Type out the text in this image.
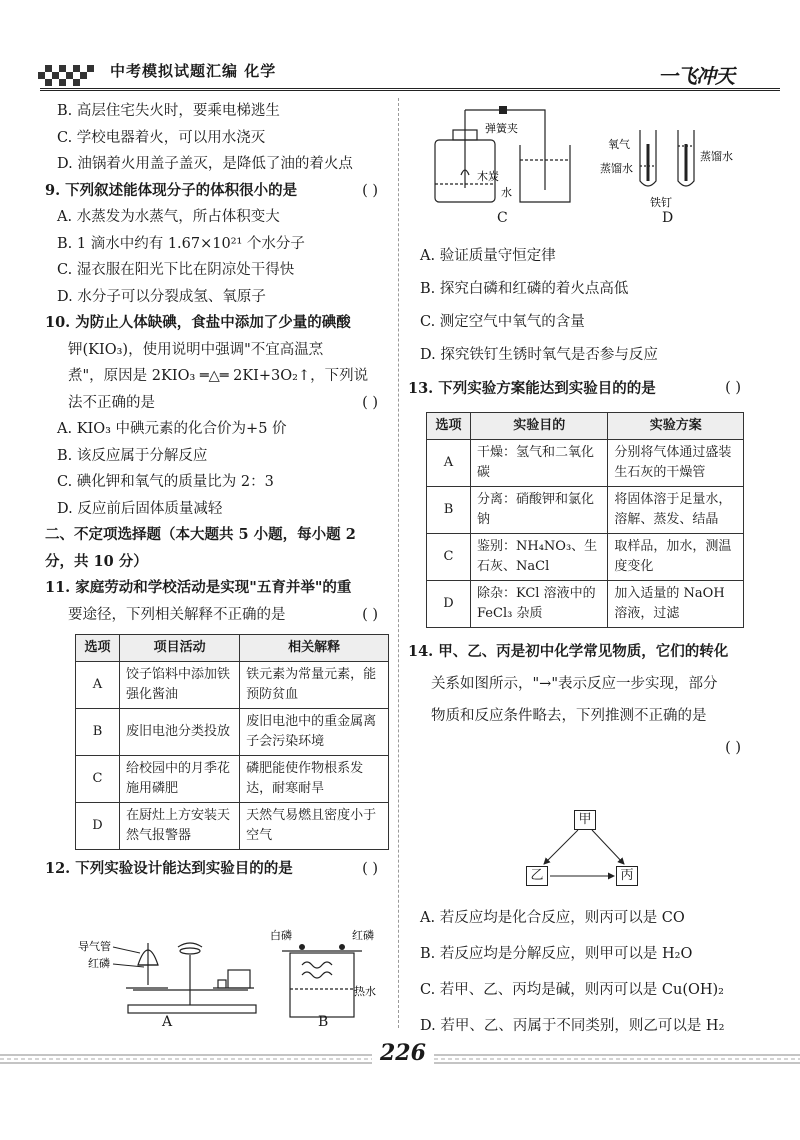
中考模拟试题汇编 化学	一飞冲天
B. 高层住宅失火时，要乘电梯逃生
C. 学校电器着火，可以用水浇灭
D. 油锅着火用盖子盖灭，是降低了油的着火点
9. 下列叙述能体现分子的体积很小的是	( )
A. 水蒸发为水蒸气，所占体积变大
B. 1 滴水中约有 1.67×10²¹ 个水分子
C. 湿衣服在阳光下比在阴凉处干得快
D. 水分子可以分裂成氢、氧原子
10. 为防止人体缺碘，食盐中添加了少量的碘酸
钾(KIO₃)，使用说明中强调"不宜高温烹
煮"，原因是 2KIO₃ ═△═ 2KI+3O₂↑，下列说
法不正确的是	( )
A. KIO₃ 中碘元素的化合价为+5 价
B. 该反应属于分解反应
C. 碘化钾和氧气的质量比为 2：3
D. 反应前后固体质量减轻
二、不定项选择题（本大题共 5 小题，每小题 2
分，共 10 分）
11. 家庭劳动和学校活动是实现"五育并举"的重
要途径，下列相关解释不正确的是	( )
选项	项目活动	相关解释
A	饺子馅料中添加铁强化酱油	铁元素为常量元素，能预防贫血
B	废旧电池分类投放	废旧电池中的重金属离子会污染环境
C	给校园中的月季花施用磷肥	磷肥能使作物根系发达，耐寒耐旱
D	在厨灶上方安装天然气报警器	天然气易燃且密度小于空气
12. 下列实验设计能达到实验目的的是	( )
导气管
红磷
A
白磷	红磷
热水
B
弹簧夹
木炭
水
C
氧气
蒸馏水
蒸馏水
铁钉
D
A. 验证质量守恒定律
B. 探究白磷和红磷的着火点高低
C. 测定空气中氧气的含量
D. 探究铁钉生锈时氧气是否参与反应
13. 下列实验方案能达到实验目的的是	( )
选项	实验目的	实验方案
A	干燥：氢气和二氧化碳	分别将气体通过盛装生石灰的干燥管
B	分离：硝酸钾和氯化钠	将固体溶于足量水，溶解、蒸发、结晶
C	鉴别：NH₄NO₃、生石灰、NaCl	取样品，加水，测温度变化
D	除杂：KCl 溶液中的 FeCl₃ 杂质	加入适量的 NaOH 溶液，过滤
14. 甲、乙、丙是初中化学常见物质，它们的转化
关系如图所示，"→"表示反应一步实现，部分
物质和反应条件略去，下列推测不正确的是
( )
甲
乙	丙
A. 若反应均是化合反应，则丙可以是 CO
B. 若反应均是分解反应，则甲可以是 H₂O
C. 若甲、乙、丙均是碱，则丙可以是 Cu(OH)₂
D. 若甲、乙、丙属于不同类别，则乙可以是 H₂
226
